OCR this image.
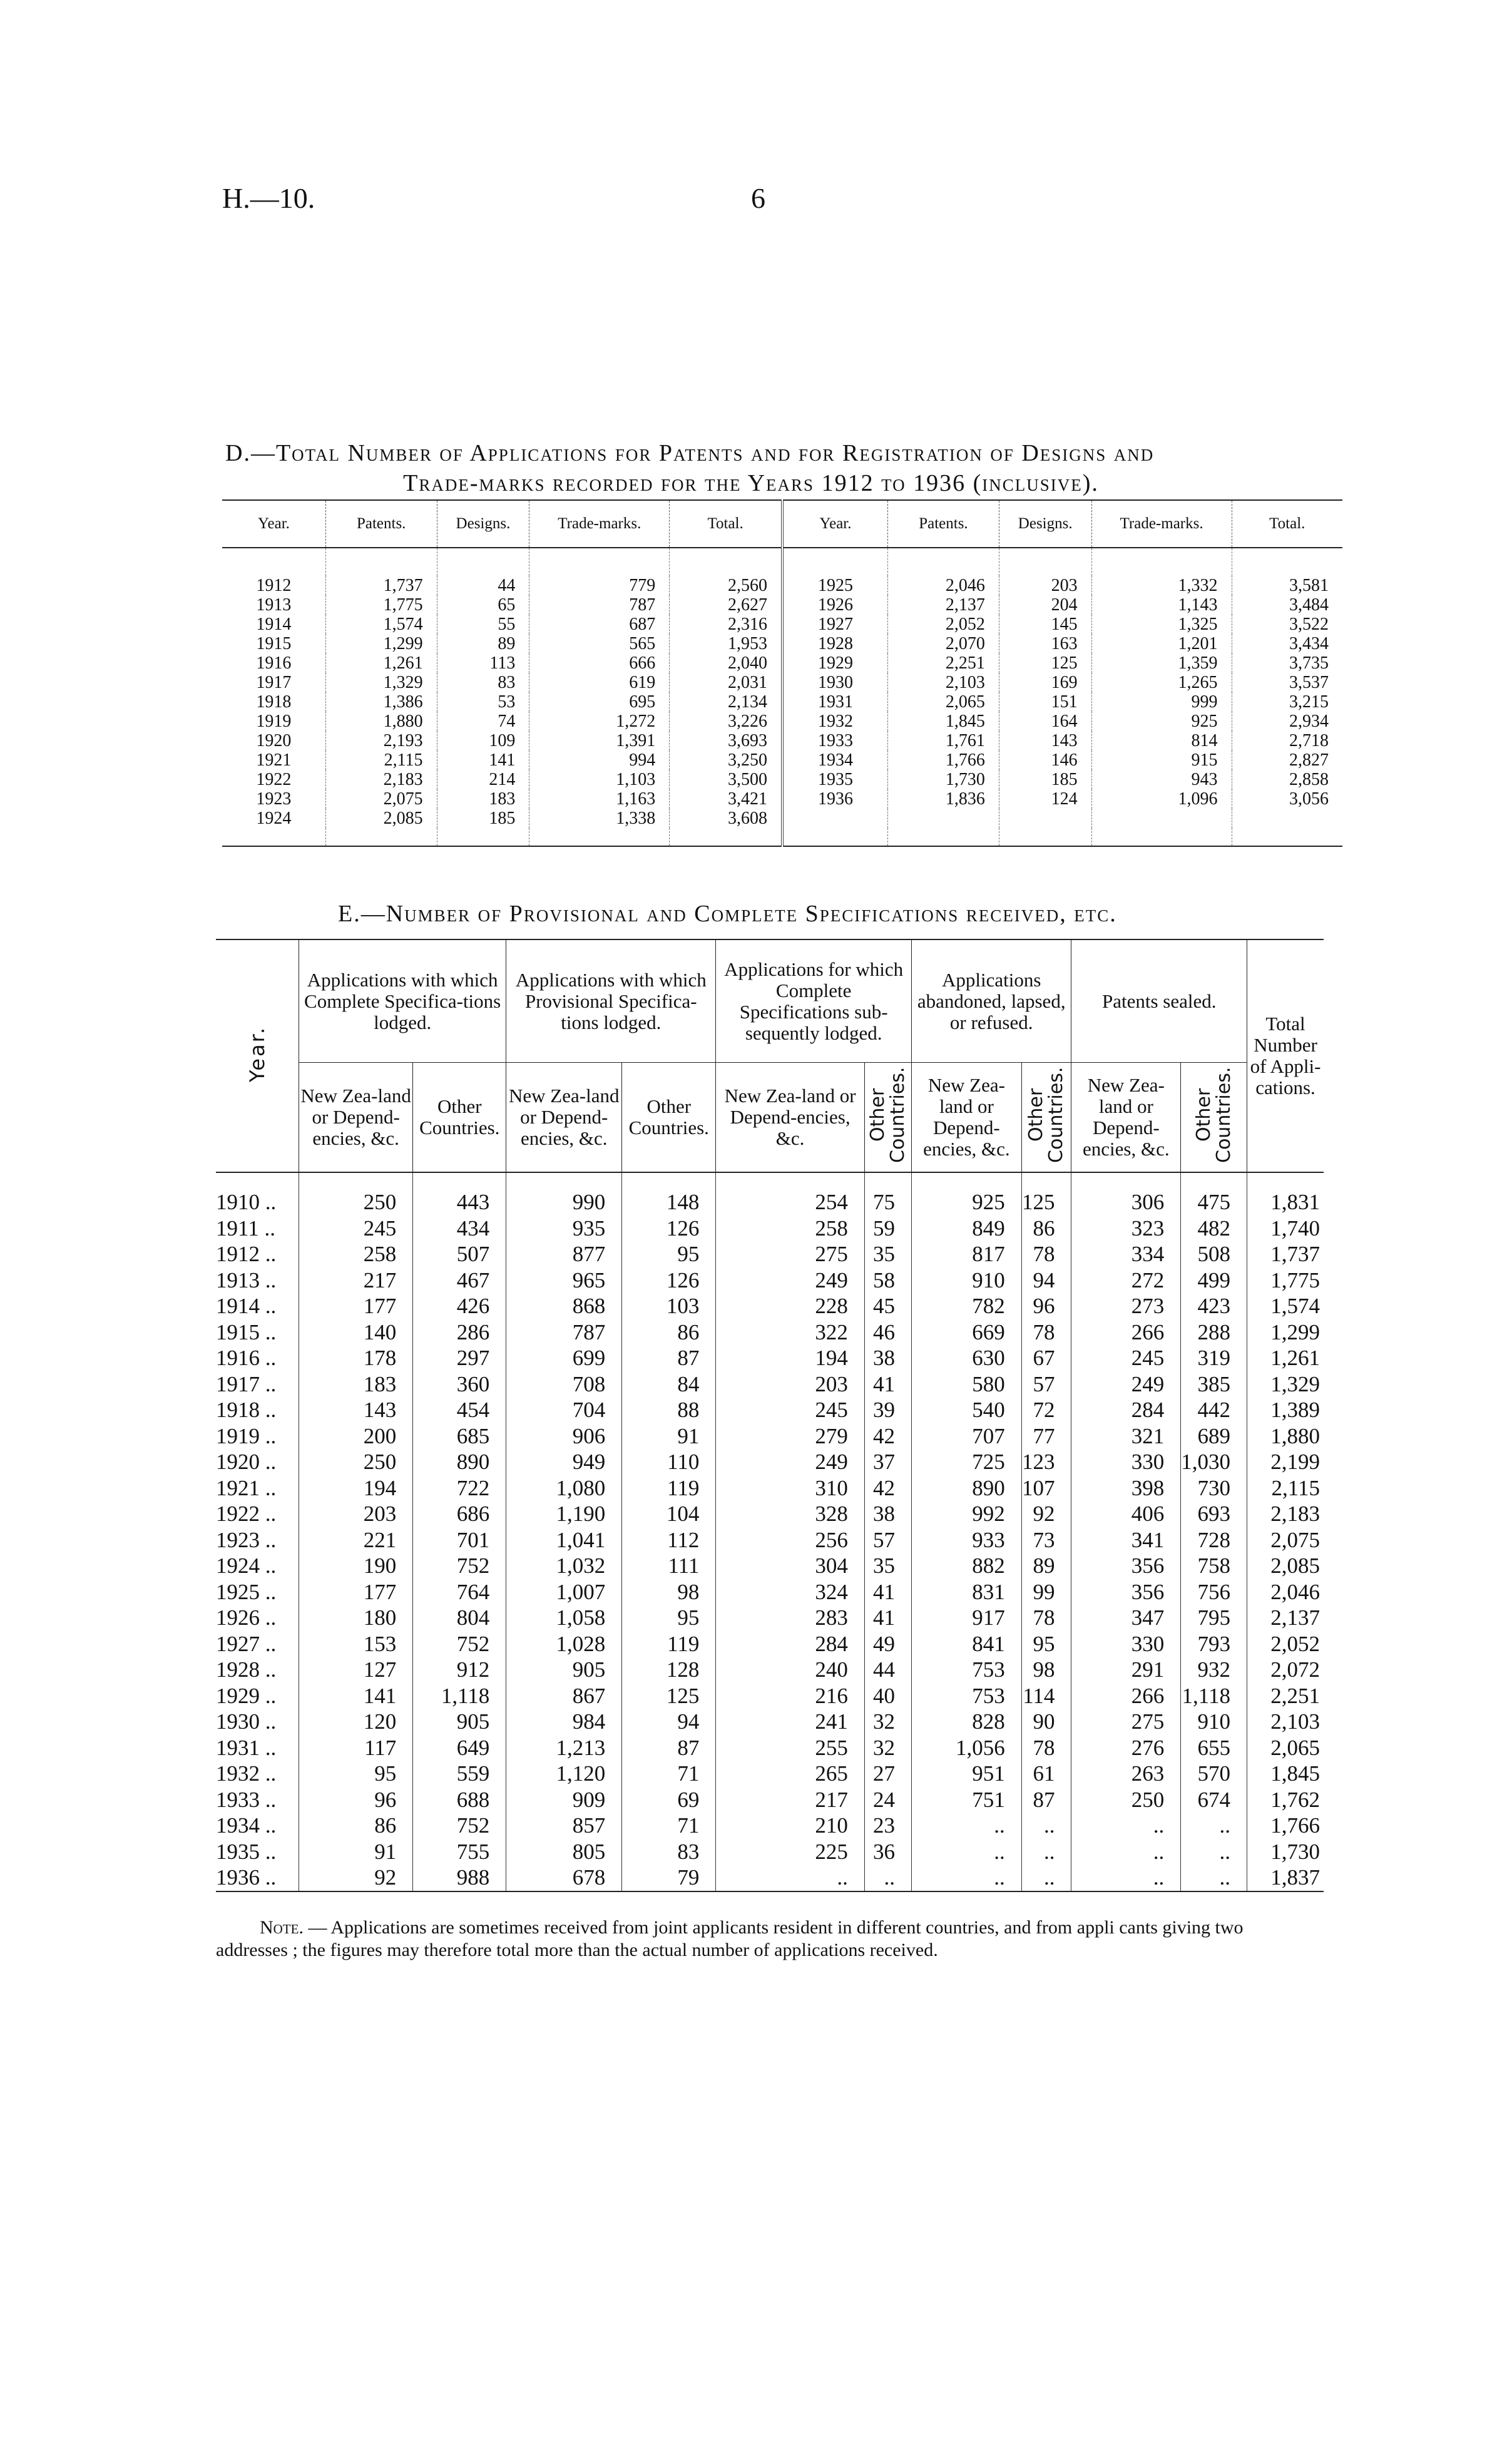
H.—10.	6
D.—Total Number of Applications for Patents and for Registration of Designs and
Trade-marks recorded for the Years 1912 to 1936 (inclusive).
Year.	Patents.	Designs.	Trade-marks.	Total.	Year.	Patents.	Designs.	Trade-marks.	Total.

1912	1,737	44	779	2,560	1925	2,046	203	1,332	3,581
1913	1,775	65	787	2,627	1926	2,137	204	1,143	3,484
1914	1,574	55	687	2,316	1927	2,052	145	1,325	3,522
1915	1,299	89	565	1,953	1928	2,070	163	1,201	3,434
1916	1,261	113	666	2,040	1929	2,251	125	1,359	3,735
1917	1,329	83	619	2,031	1930	2,103	169	1,265	3,537
1918	1,386	53	695	2,134	1931	2,065	151	999	3,215
1919	1,880	74	1,272	3,226	1932	1,845	164	925	2,934
1920	2,193	109	1,391	3,693	1933	1,761	143	814	2,718
1921	2,115	141	994	3,250	1934	1,766	146	915	2,827
1922	2,183	214	1,103	3,500	1935	1,730	185	943	2,858
1923	2,075	183	1,163	3,421	1936	1,836	124	1,096	3,056
1924	2,085	185	1,338	3,608					

E.—Number of Provisional and Complete Specifications received, etc.
Year.	Applications with which Complete Specifica-tions lodged.		Applications with which Provisional Specifica-tions lodged.		Applications for which Complete Specifications sub-sequently lodged.		Applications abandoned, lapsed, or refused.		Patents sealed.		Total Number of Appli-cations.
	New Zea-land or Depend-encies, &c.	Other Countries.	New Zea-land or Depend-encies, &c.	Other Countries.	New Zea-land or Depend-encies, &c.	Other Countries.	New Zea-land or Depend-encies, &c.	Other Countries.	New Zea-land or Depend-encies, &c.	Other Countries.	
1910 ..	250	443	990	148	254	75	925	125	306	475	1,831
1911 ..	245	434	935	126	258	59	849	86	323	482	1,740
1912 ..	258	507	877	95	275	35	817	78	334	508	1,737
1913 ..	217	467	965	126	249	58	910	94	272	499	1,775
1914 ..	177	426	868	103	228	45	782	96	273	423	1,574
1915 ..	140	286	787	86	322	46	669	78	266	288	1,299
1916 ..	178	297	699	87	194	38	630	67	245	319	1,261
1917 ..	183	360	708	84	203	41	580	57	249	385	1,329
1918 ..	143	454	704	88	245	39	540	72	284	442	1,389
1919 ..	200	685	906	91	279	42	707	77	321	689	1,880
1920 ..	250	890	949	110	249	37	725	123	330	1,030	2,199
1921 ..	194	722	1,080	119	310	42	890	107	398	730	2,115
1922 ..	203	686	1,190	104	328	38	992	92	406	693	2,183
1923 ..	221	701	1,041	112	256	57	933	73	341	728	2,075
1924 ..	190	752	1,032	111	304	35	882	89	356	758	2,085
1925 ..	177	764	1,007	98	324	41	831	99	356	756	2,046
1926 ..	180	804	1,058	95	283	41	917	78	347	795	2,137
1927 ..	153	752	1,028	119	284	49	841	95	330	793	2,052
1928 ..	127	912	905	128	240	44	753	98	291	932	2,072
1929 ..	141	1,118	867	125	216	40	753	114	266	1,118	2,251
1930 ..	120	905	984	94	241	32	828	90	275	910	2,103
1931 ..	117	649	1,213	87	255	32	1,056	78	276	655	2,065
1932 ..	95	559	1,120	71	265	27	951	61	263	570	1,845
1933 ..	96	688	909	69	217	24	751	87	250	674	1,762
1934 ..	86	752	857	71	210	23	..	..	..	..	1,766
1935 ..	91	755	805	83	225	36	..	..	..	..	1,730
1936 ..	92	988	678	79	..	..	..	..	..	..	1,837
Note. — Applications are sometimes received from joint applicants resident in different countries, and from appli cants giving two addresses ; the figures may therefore total more than the actual number of applications received.
